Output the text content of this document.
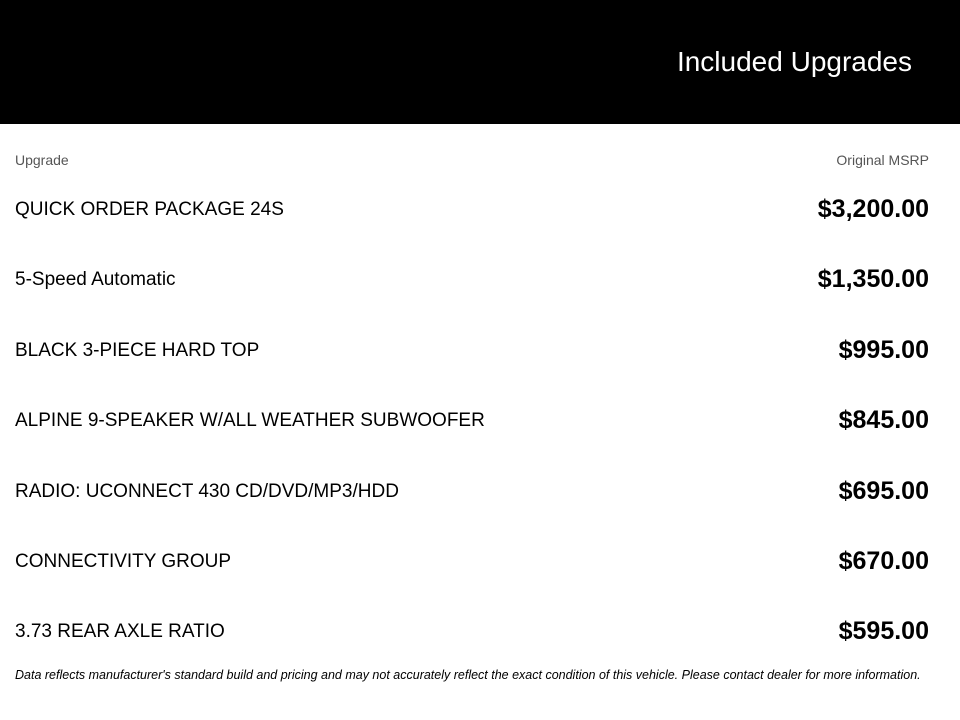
Included Upgrades
Upgrade	Original MSRP
QUICK ORDER PACKAGE 24S	$3,200.00
5-Speed Automatic	$1,350.00
BLACK 3-PIECE HARD TOP	$995.00
ALPINE 9-SPEAKER W/ALL WEATHER SUBWOOFER	$845.00
RADIO: UCONNECT 430 CD/DVD/MP3/HDD	$695.00
CONNECTIVITY GROUP	$670.00
3.73 REAR AXLE RATIO	$595.00
Data reflects manufacturer's standard build and pricing and may not accurately reflect the exact condition of this vehicle. Please contact dealer for more information.
